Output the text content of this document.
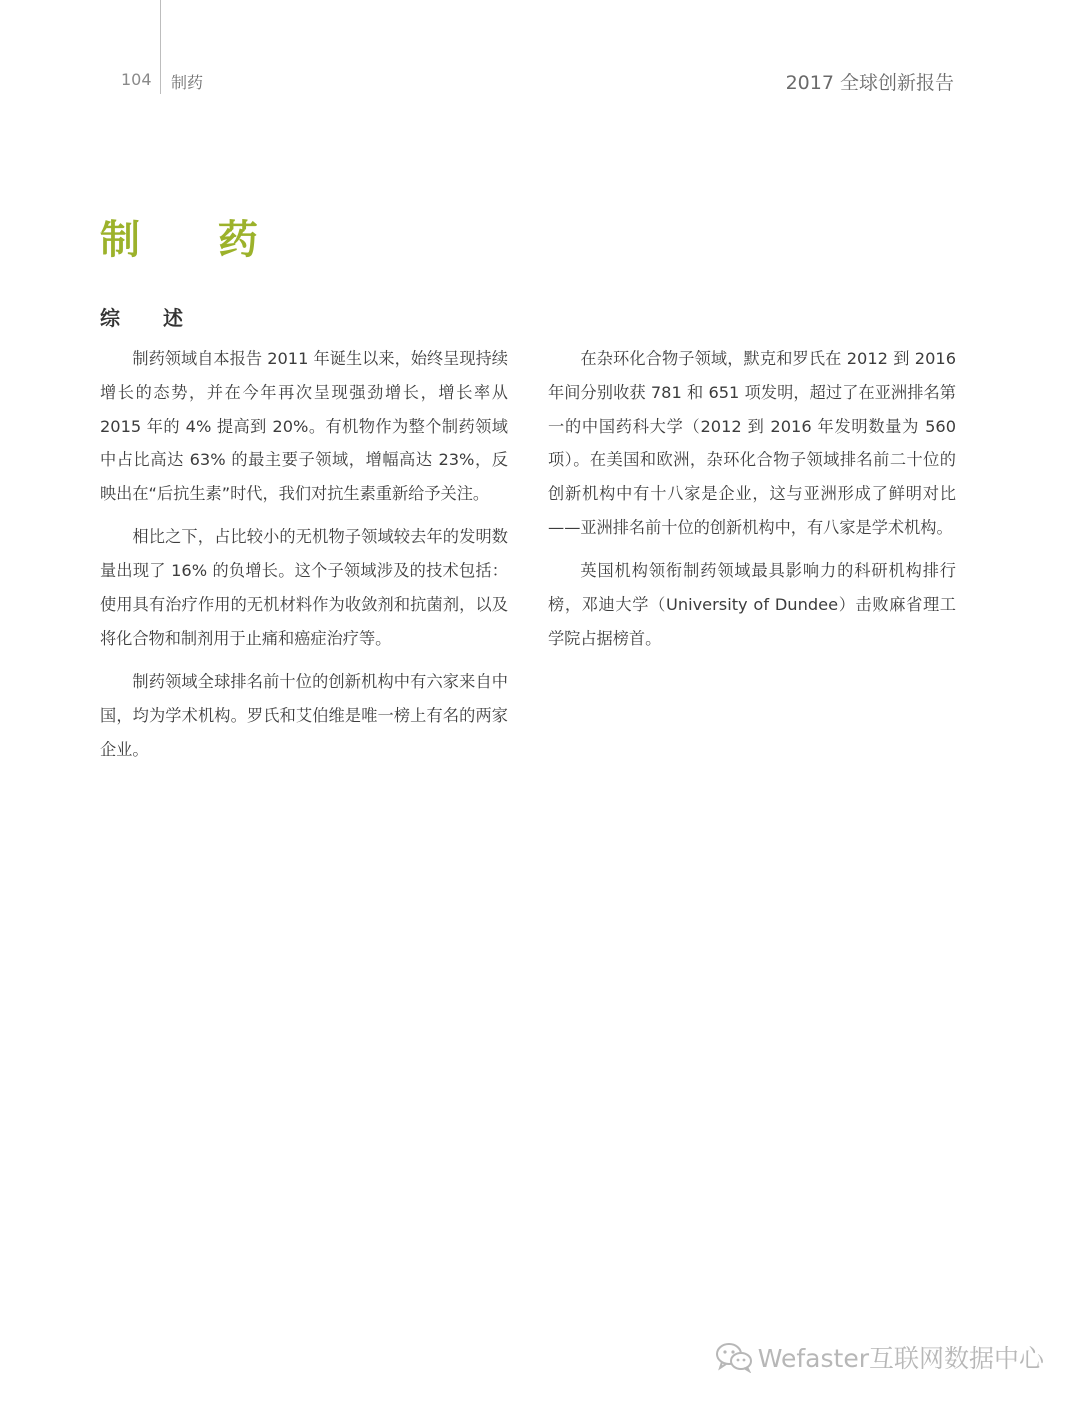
104 制药	2017 全球创新报告
制 药
综 述

制药领域自本报告 2011 年诞生以来，始终呈现持续增长的态势，并在今年再次呈现强劲增长，增长率从 2015 年的 4% 提高到 20%。有机物作为整个制药领域中占比高达 63% 的最主要子领域，增幅高达 23%，反映出在“后抗生素”时代，我们对抗生素重新给予关注。

相比之下，占比较小的无机物子领域较去年的发明数量出现了 16% 的负增长。这个子领域涉及的技术包括：使用具有治疗作用的无机材料作为收敛剂和抗菌剂，以及将化合物和制剂用于止痛和癌症治疗等。

制药领域全球排名前十位的创新机构中有六家来自中国，均为学术机构。罗氏和艾伯维是唯一榜上有名的两家企业。

在杂环化合物子领域，默克和罗氏在 2012 到 2016 年间分别收获 781 和 651 项发明，超过了在亚洲排名第一的中国药科大学（2012 到 2016 年发明数量为 560 项）。在美国和欧洲，杂环化合物子领域排名前二十位的创新机构中有十八家是企业，这与亚洲形成了鲜明对比——亚洲排名前十位的创新机构中，有八家是学术机构。

英国机构领衔制药领域最具影响力的科研机构排行榜，邓迪大学（University of Dundee）击败麻省理工学院占据榜首。

Wefaster互联网数据中心
